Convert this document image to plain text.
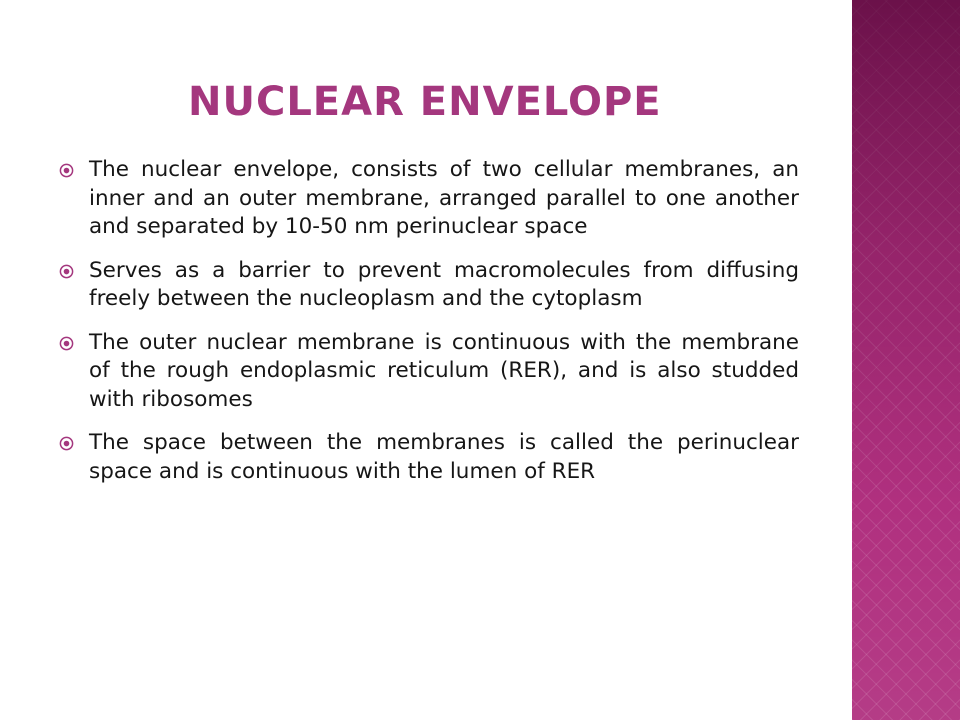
NUCLEAR ENVELOPE
The nuclear envelope, consists of two cellular membranes, an inner and an outer membrane, arranged parallel to one another and separated by 10-50 nm perinuclear space
Serves as a barrier to prevent macromolecules from diffusing freely between the nucleoplasm and the cytoplasm
The outer nuclear membrane is continuous with the membrane of the rough endoplasmic reticulum (RER), and is also studded with ribosomes
The space between the membranes is called the perinuclear space and is continuous with the lumen of RER
